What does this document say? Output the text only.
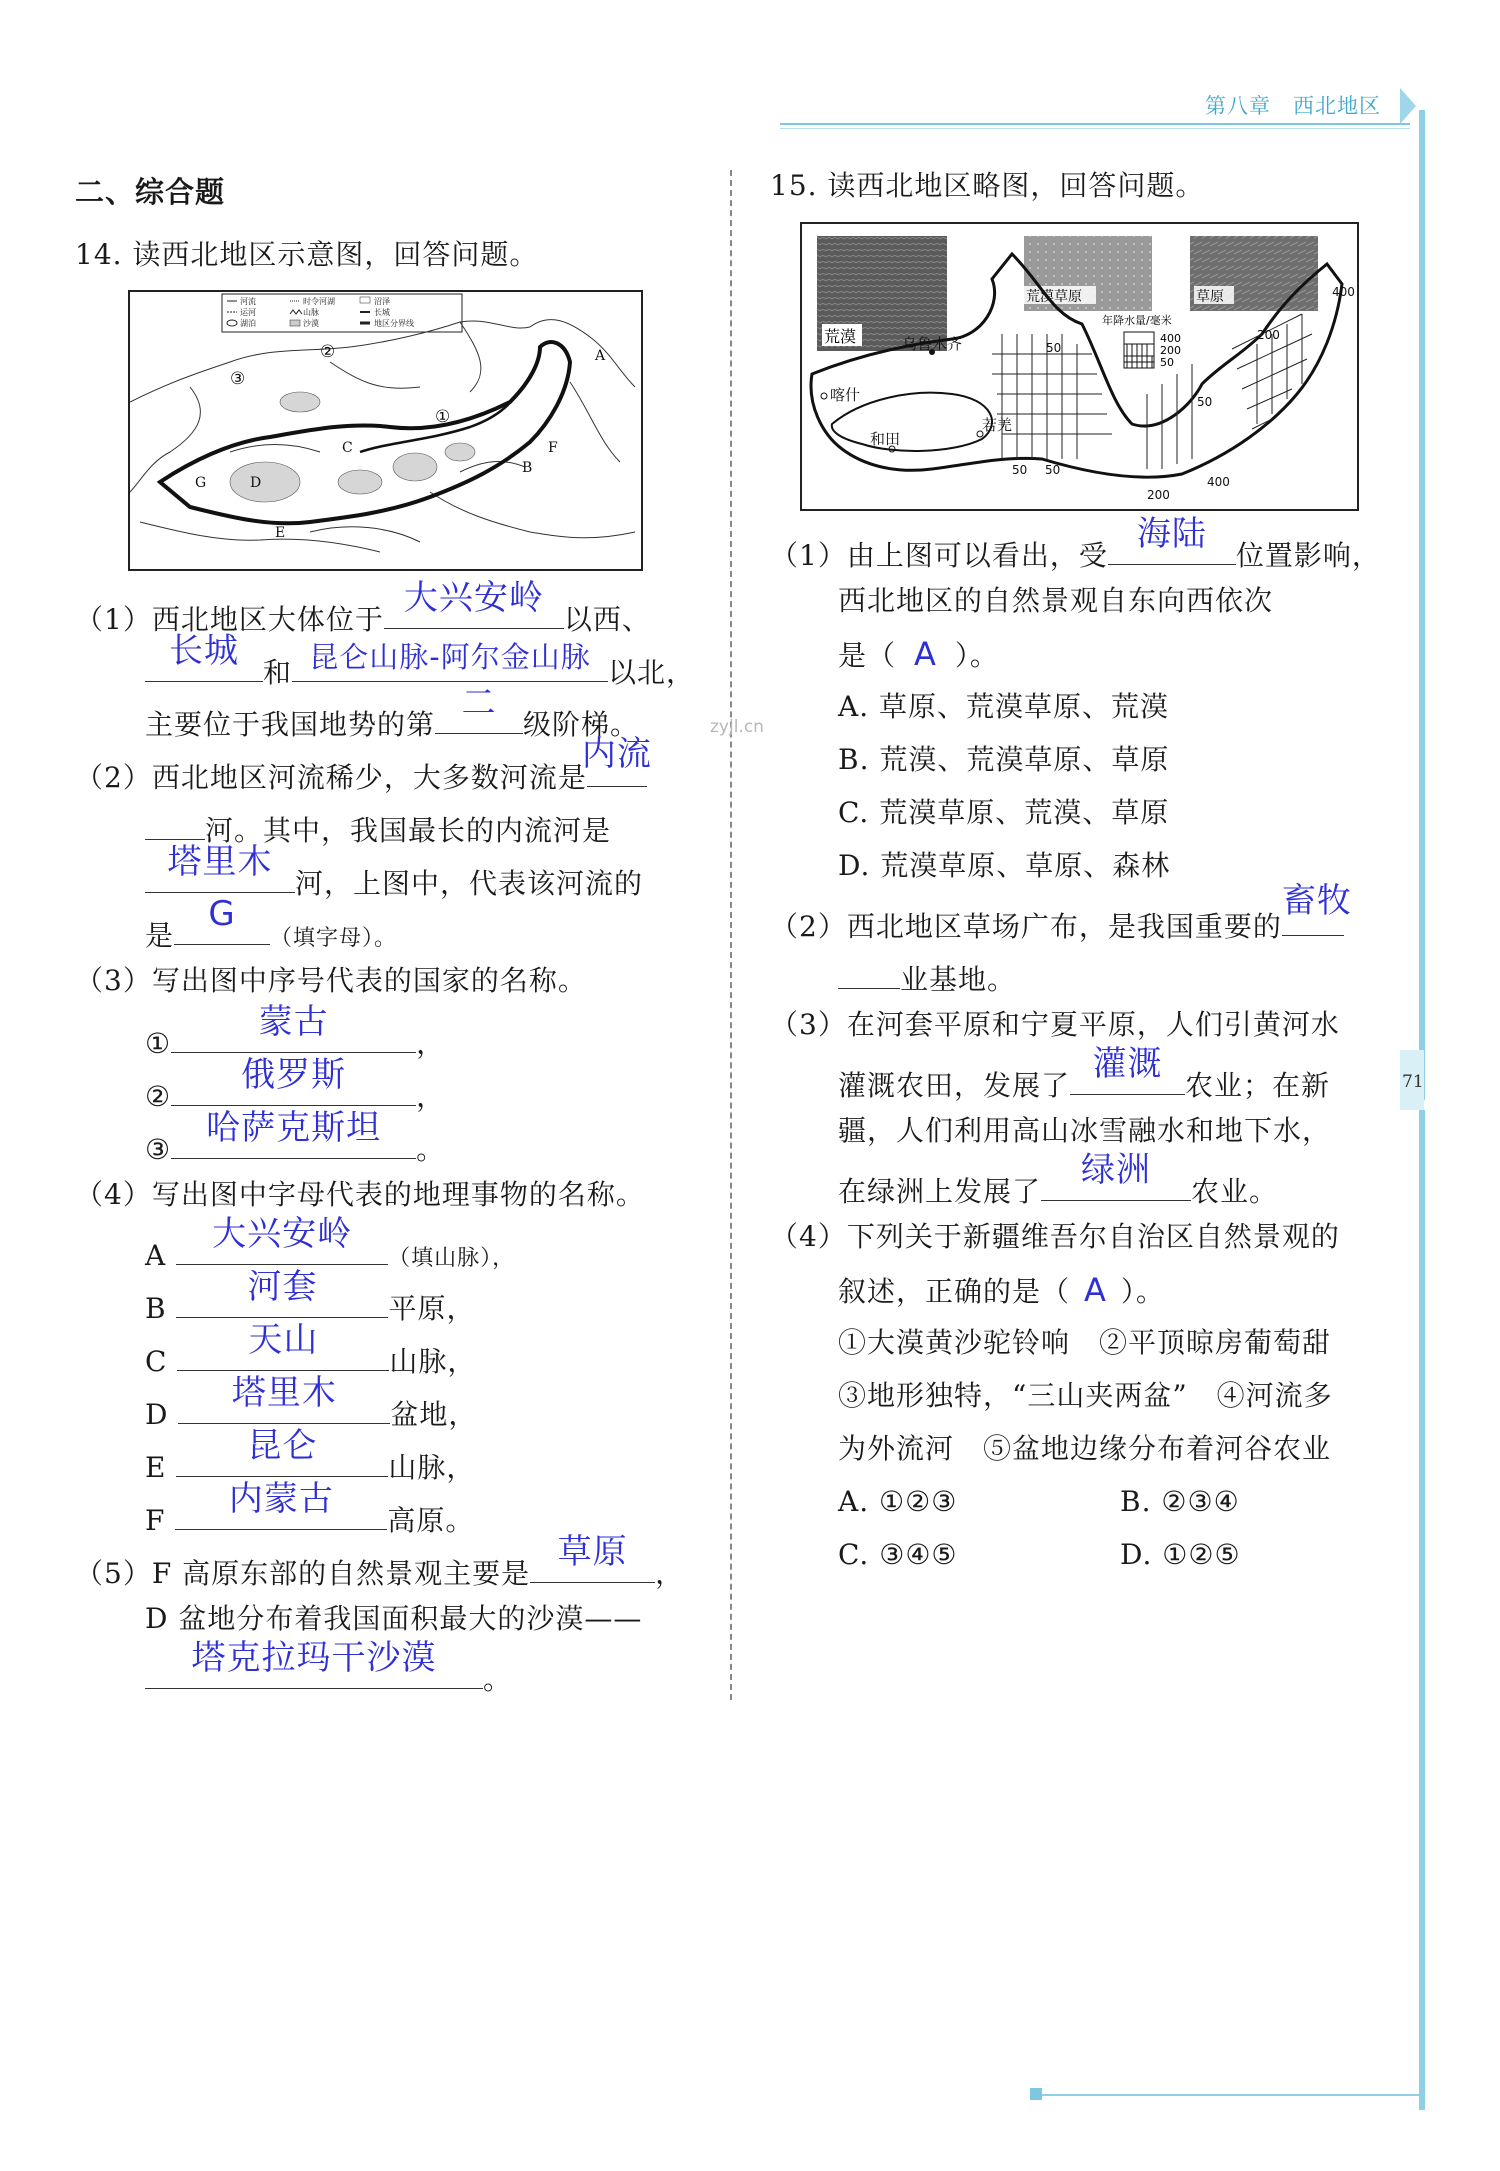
第八章　西北地区
71
zyjl.cn
二、综合题
14. 读西北地区示意图，回答问题。
河流
运河
湖泊
时令河湖
山脉
沙漠
沼泽
长城
地区分界线
①
②
③
A
B
C
D
E
F
G
（1）西北地区大体位于
大兴安岭
以西、
长城
和 昆仑山脉-阿尔金山脉 以北，
主要位于我国地势的第
二
级阶梯。
（2）西北地区河流稀少，大多数河流是
内流
河。其中，我国最长的内流河是
塔里木
河，上图中，代表该河流的
是
G
（填字母）。
（3）写出图中序号代表的国家的名称。
①
蒙古
，
②
俄罗斯
，
③
哈萨克斯坦
。
（4）写出图中字母代表的地理事物的名称。
A
大兴安岭
（填山脉），
B
河套
平原，
C
天山
山脉，
D
塔里木
盆地，
E
昆仑
山脉，
F
内蒙古
高原。
（5）F 高原东部的自然景观主要是
草原
，
D 盆地分布着我国面积最大的沙漠——
塔克拉玛干沙漠
。
15. 读西北地区略图，回答问题。
荒漠
荒漠草原	草原
年降水量/毫米
400
200
50
乌鲁木齐
喀什
和田
若羌
400
200
50
50
50 50
200
400
（1）由上图可以看出，受
海陆
位置影响，
西北地区的自然景观自东向西依次
是（ A ）。
A. 草原、荒漠草原、荒漠
B. 荒漠、荒漠草原、草原
C. 荒漠草原、荒漠、草原
D. 荒漠草原、草原、森林
（2）西北地区草场广布，是我国重要的
畜牧
业基地。
（3）在河套平原和宁夏平原，人们引黄河水
灌溉农田，发展了
灌溉
农业；在新
疆，人们利用高山冰雪融水和地下水，
在绿洲上发展了
绿洲
农业。
（4）下列关于新疆维吾尔自治区自然景观的
叙述，正确的是（ A ）。
①大漠黄沙驼铃响　②平顶晾房葡萄甜
③地形独特，“三山夹两盆”　④河流多
为外流河　⑤盆地边缘分布着河谷农业
A. ①②③	B. ②③④
C. ③④⑤	D. ①②⑤
